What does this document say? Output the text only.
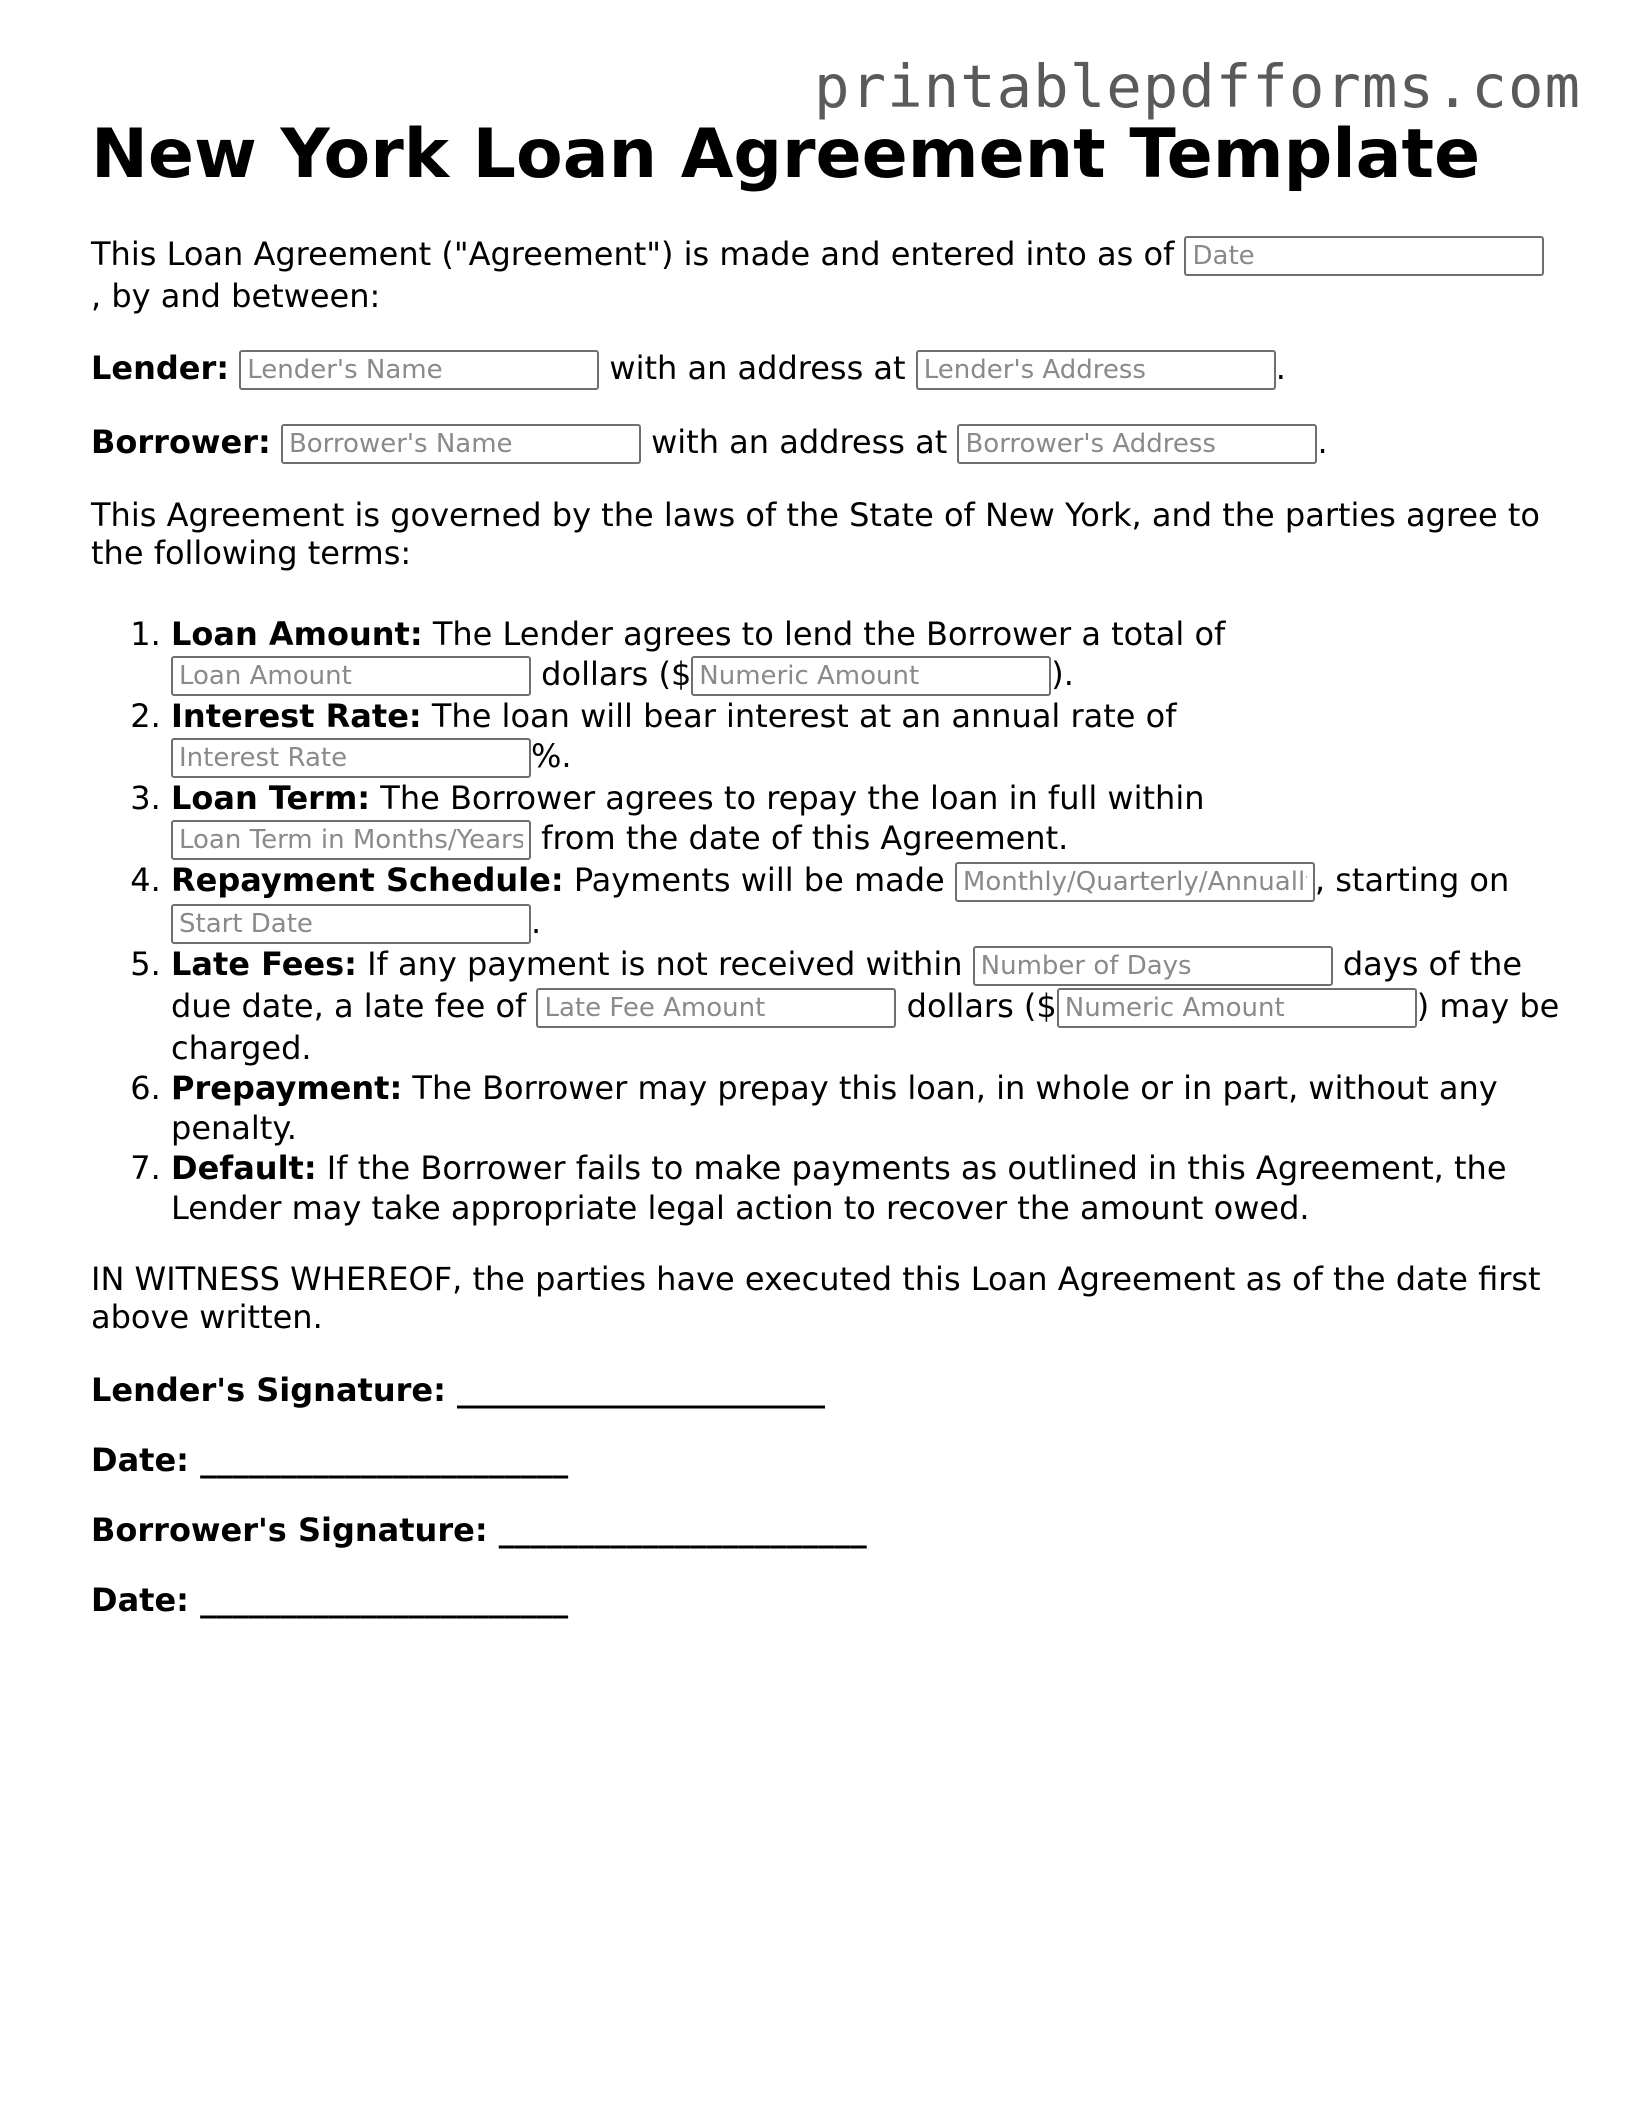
printablepdfforms.com
New York Loan Agreement Template

This Loan Agreement ("Agreement") is made and entered into as of Date
, by and between:

Lender: Lender's Name	with an address at Lender's Address	.

Borrower: Borrower's Name	with an address at Borrower's Address	.

This Agreement is governed by the laws of the State of New York, and the parties agree to the following terms:

1. Loan Amount: The Lender agrees to lend the Borrower a total of
Loan Amount dollars ($Numeric Amount	).
2. Interest Rate: The loan will bear interest at an annual rate of
Interest Rate%.
3. Loan Term: The Borrower agrees to repay the loan in full within
Loan Term in Months/Years from the date of this Agreement.
4. Repayment Schedule: Payments will be made Monthly/Quarterly/Annually	, starting on
Start Date.
5. Late Fees: If any payment is not received within Number of Days	days of the due date, a late fee of Late Fee Amount	dollars ($Numeric Amount	) may be charged.
6. Prepayment: The Borrower may prepay this loan, in whole or in part, without any penalty.
7. Default: If the Borrower fails to make payments as outlined in this Agreement, the Lender may take appropriate legal action to recover the amount owed.

IN WITNESS WHEREOF, the parties have executed this Loan Agreement as of the date first above written.

Lender's Signature: _______________________

Date: _______________________

Borrower's Signature: _______________________

Date: _______________________
